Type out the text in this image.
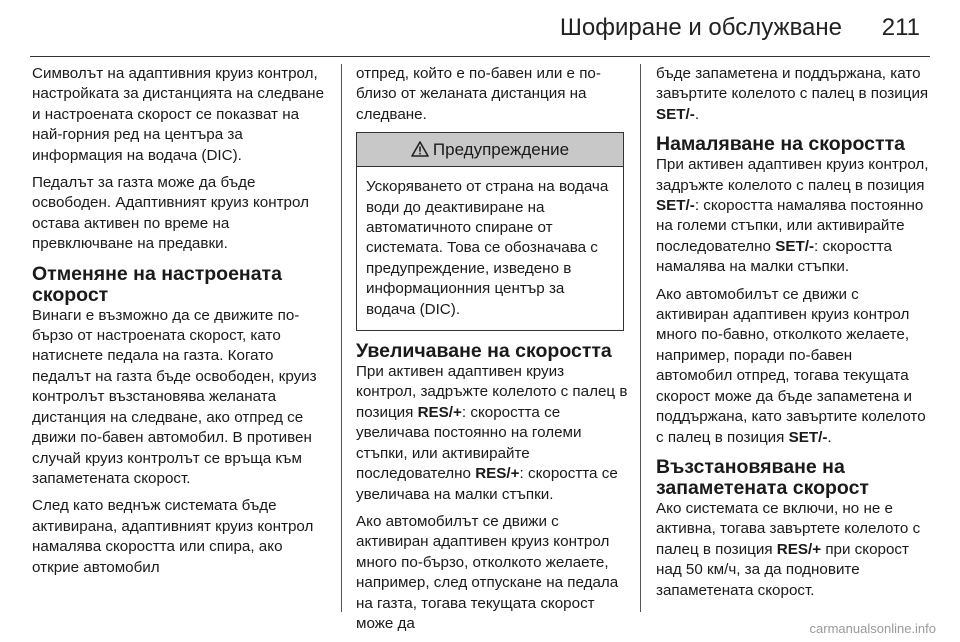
Шофиране и обслужване 211

Символът на адаптивния круиз контрол, настройката за дистанцията на следване и настроената скорост се показват на най-горния ред на центъра за информация на водача (DIC).

Педалът за газта може да бъде освободен. Адаптивният круиз контрол остава активен по време на превключване на предавки.

Отменяне на настроената скорост

Винаги е възможно да се движите по-бързо от настроената скорост, като натиснете педала на газта. Когато педалът на газта бъде освободен, круиз контролът възстановява желаната дистанция на следване, ако отпред се движи по-бавен автомобил. В противен случай круиз контролът се връща към запаметената скорост.

След като веднъж системата бъде активирана, адаптивният круиз контрол намалява скоростта или спира, ако открие автомобил

отпред, който е по-бавен или е по-близо от желаната дистанция на следване.

Предупреждение
Ускоряването от страна на водача води до деактивиране на автоматичното спиране от системата. Това се обозначава с предупреждение, изведено в информационния център за водача (DIC).
Увеличаване на скоростта

При активен адаптивен круиз контрол, задръжте колелото с палец в позиция RES/+: скоростта се увеличава постоянно на големи стъпки, или активирайте последователно RES/+: скоростта се увеличава на малки стъпки.

Ако автомобилът се движи с активиран адаптивен круиз контрол много по-бързо, отколкото желаете, например, след отпускане на педала на газта, тогава текущата скорост може да

бъде запаметена и поддържана, като завъртите колелото с палец в позиция SET/-.

Намаляване на скоростта

При активен адаптивен круиз контрол, задръжте колелото с палец в позиция SET/-: скоростта намалява постоянно на големи стъпки, или активирайте последователно SET/-: скоростта намалява на малки стъпки.

Ако автомобилът се движи с активиран адаптивен круиз контрол много по-бавно, отколкото желаете, например, поради по-бавен автомобил отпред, тогава текущата скорост може да бъде запаметена и поддържана, като завъртите колелото с палец в позиция SET/-.

Възстановяване на запаметената скорост

Ако системата се включи, но не е активна, тогава завъртете колелото с палец в позиция RES/+ при скорост над 50 км/ч, за да подновите запаметената скорост.

carmanualsonline.info
